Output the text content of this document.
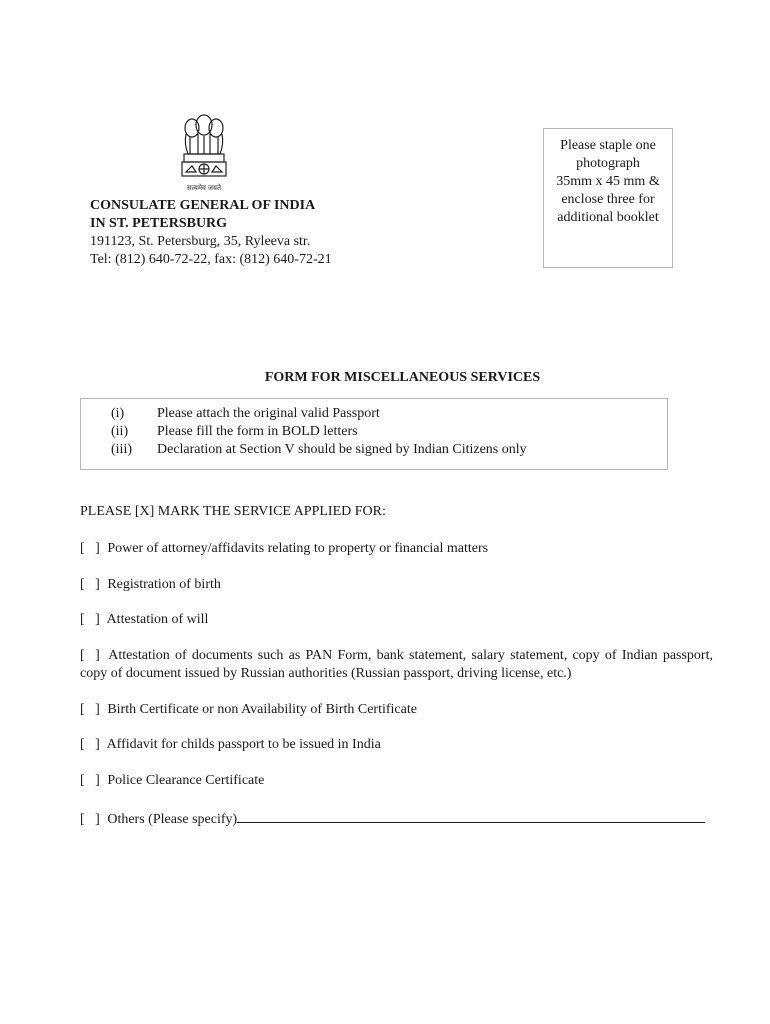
सत्यमेव जयते
CONSULATE GENERAL OF INDIA
IN ST. PETERSBURG
191123, St. Petersburg, 35, Ryleeva str.
Tel: (812) 640-72-22, fax: (812) 640-72-21
Please staple one
photograph
35mm x 45 mm &
enclose three for
additional booklet
FORM FOR MISCELLANEOUS SERVICES
(i) Please attach the original valid Passport
(ii) Please fill the form in BOLD letters
(iii) Declaration at Section V should be signed by Indian Citizens only
PLEASE [X] MARK THE SERVICE APPLIED FOR:
[   ] Power of attorney/affidavits relating to property or financial matters
[   ] Registration of birth
[   ] Attestation of will
[   ] Attestation of documents such as PAN Form, bank statement, salary statement, copy of Indian passport, copy of document issued by Russian authorities (Russian passport, driving license, etc.)
[   ] Birth Certificate or non Availability of Birth Certificate
[   ] Affidavit for childs passport to be issued in India
[   ] Police Clearance Certificate
[   ] Others (Please specify)
